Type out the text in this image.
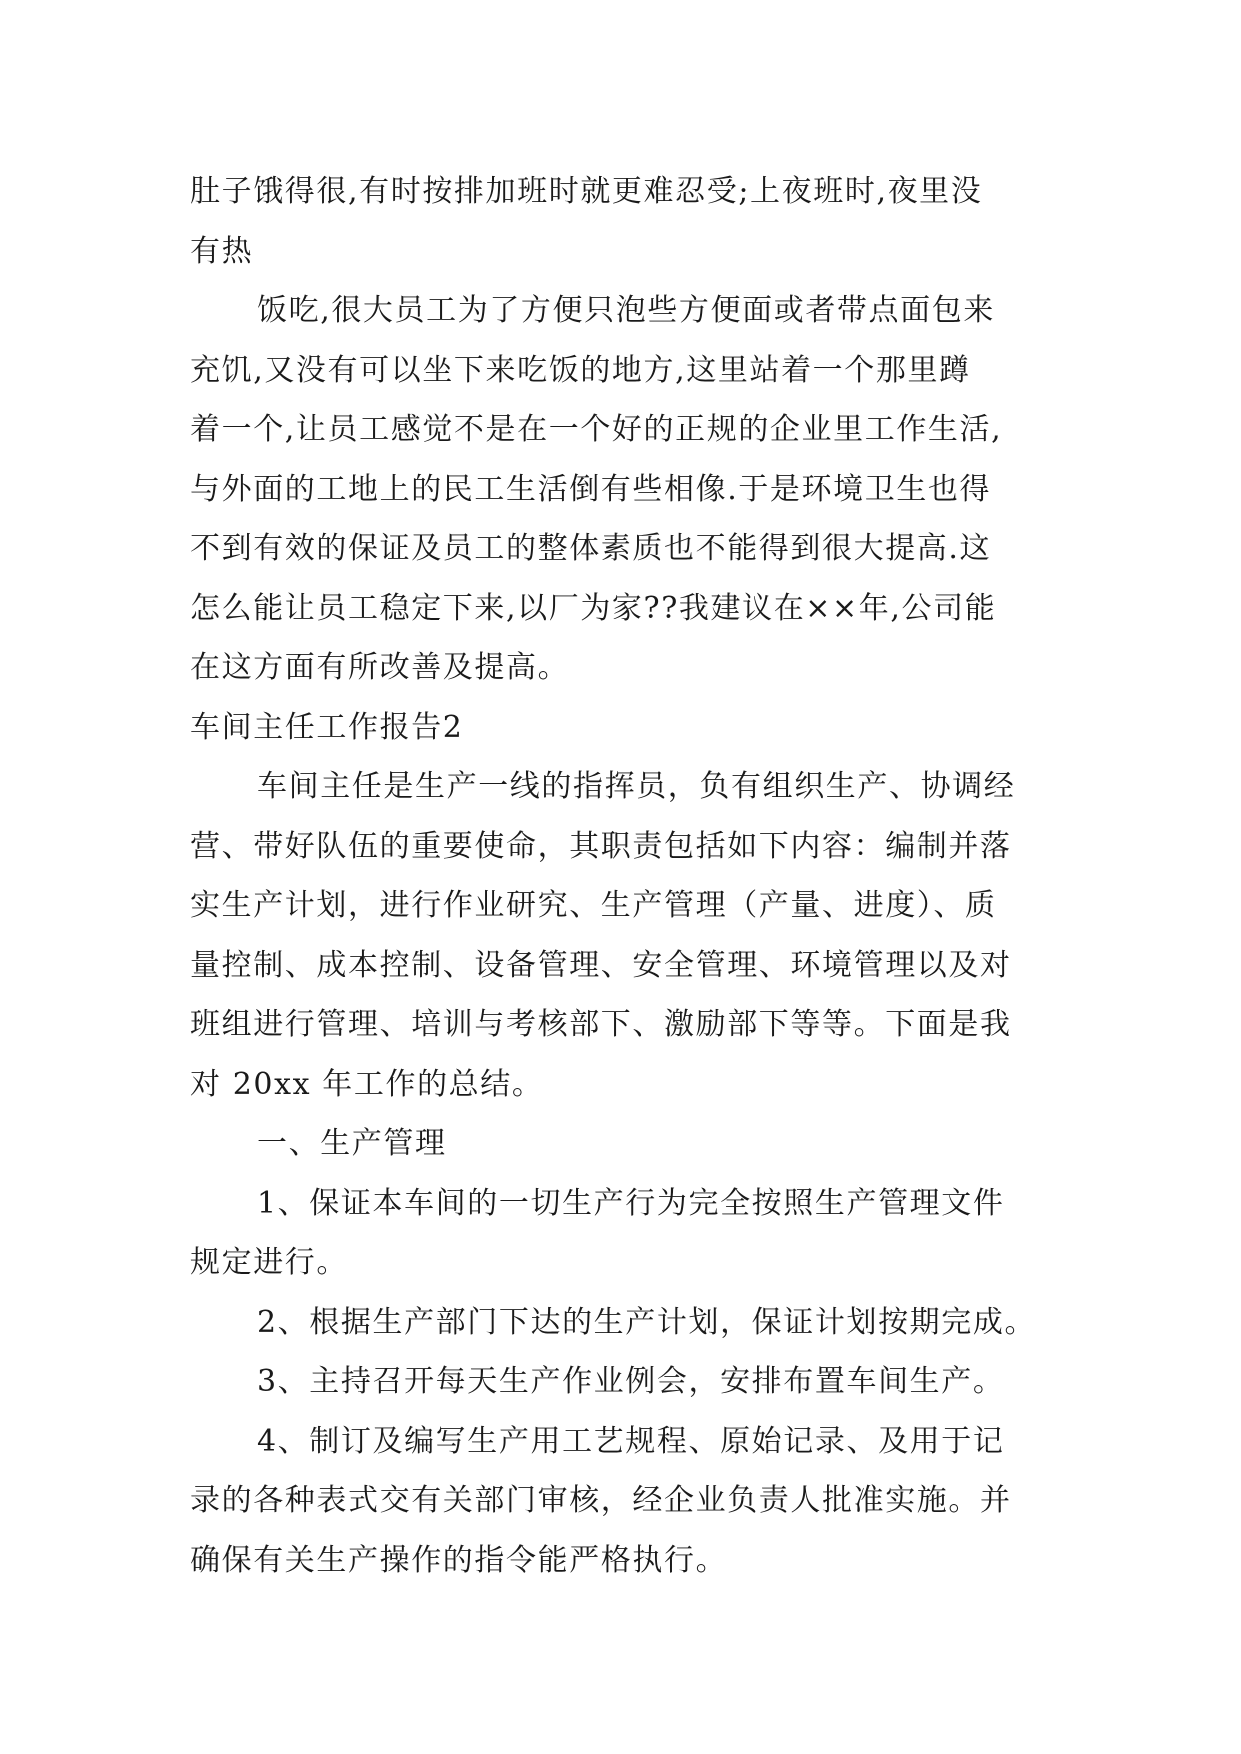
肚子饿得很,有时按排加班时就更难忍受;上夜班时,夜里没
有热
饭吃,很大员工为了方便只泡些方便面或者带点面包来
充饥,又没有可以坐下来吃饭的地方,这里站着一个那里蹲
着一个,让员工感觉不是在一个好的正规的企业里工作生活,
与外面的工地上的民工生活倒有些相像.于是环境卫生也得
不到有效的保证及员工的整体素质也不能得到很大提高.这
怎么能让员工稳定下来,以厂为家??我建议在××年,公司能
在这方面有所改善及提高。
车间主任工作报告2
车间主任是生产一线的指挥员，负有组织生产、协调经
营、带好队伍的重要使命，其职责包括如下内容：编制并落
实生产计划，进行作业研究、生产管理（产量、进度）、质
量控制、成本控制、设备管理、安全管理、环境管理以及对
班组进行管理、培训与考核部下、激励部下等等。下面是我
对 20xx 年工作的总结。
一、生产管理
1、保证本车间的一切生产行为完全按照生产管理文件
规定进行。
2、根据生产部门下达的生产计划，保证计划按期完成。
3、主持召开每天生产作业例会，安排布置车间生产。
4、制订及编写生产用工艺规程、原始记录、及用于记
录的各种表式交有关部门审核，经企业负责人批准实施。并
确保有关生产操作的指令能严格执行。
